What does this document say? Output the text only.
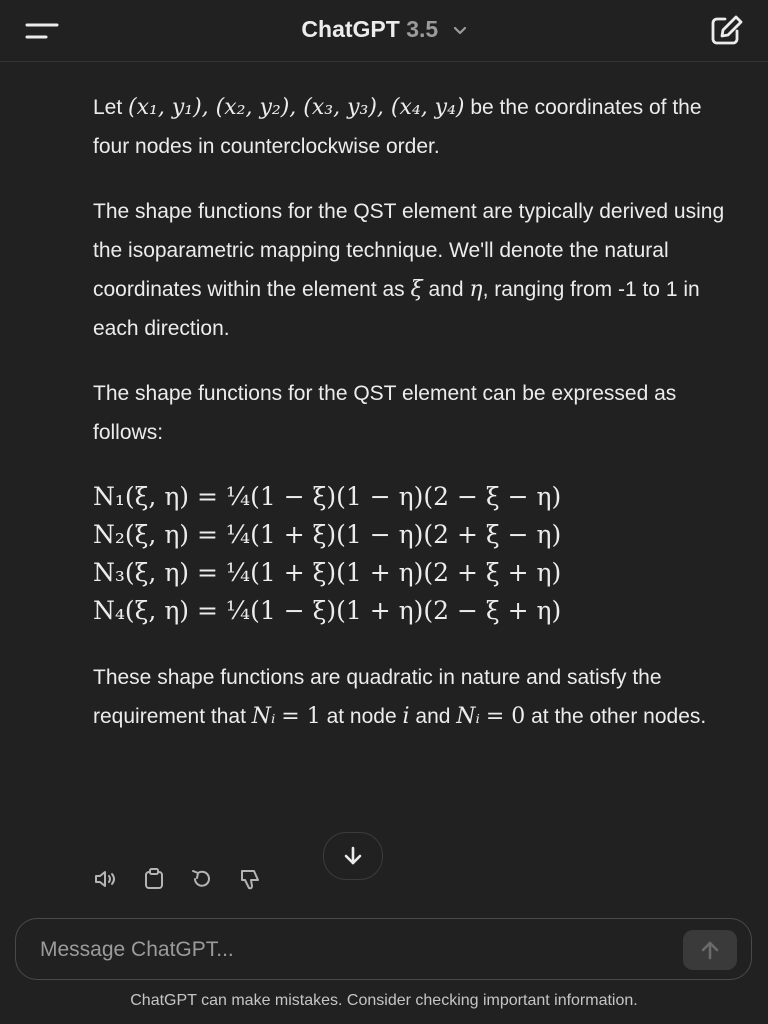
ChatGPT 3.5

Let (x₁, y₁), (x₂, y₂), (x₃, y₃), (x₄, y₄) be the coordinates of the four nodes in counterclockwise order.

The shape functions for the QST element are typically derived using the isoparametric mapping technique. We'll denote the natural coordinates within the element as ξ and η, ranging from -1 to 1 in each direction.

The shape functions for the QST element can be expressed as follows:

N₁(ξ, η) = ¼(1 − ξ)(1 − η)(2 − ξ − η)
N₂(ξ, η) = ¼(1 + ξ)(1 − η)(2 + ξ − η)
N₃(ξ, η) = ¼(1 + ξ)(1 + η)(2 + ξ + η)
N₄(ξ, η) = ¼(1 − ξ)(1 + η)(2 − ξ + η)

These shape functions are quadratic in nature and satisfy the requirement that Nᵢ = 1 at node i and Nᵢ = 0 at the other nodes.

Message ChatGPT...
ChatGPT can make mistakes. Consider checking important information.
